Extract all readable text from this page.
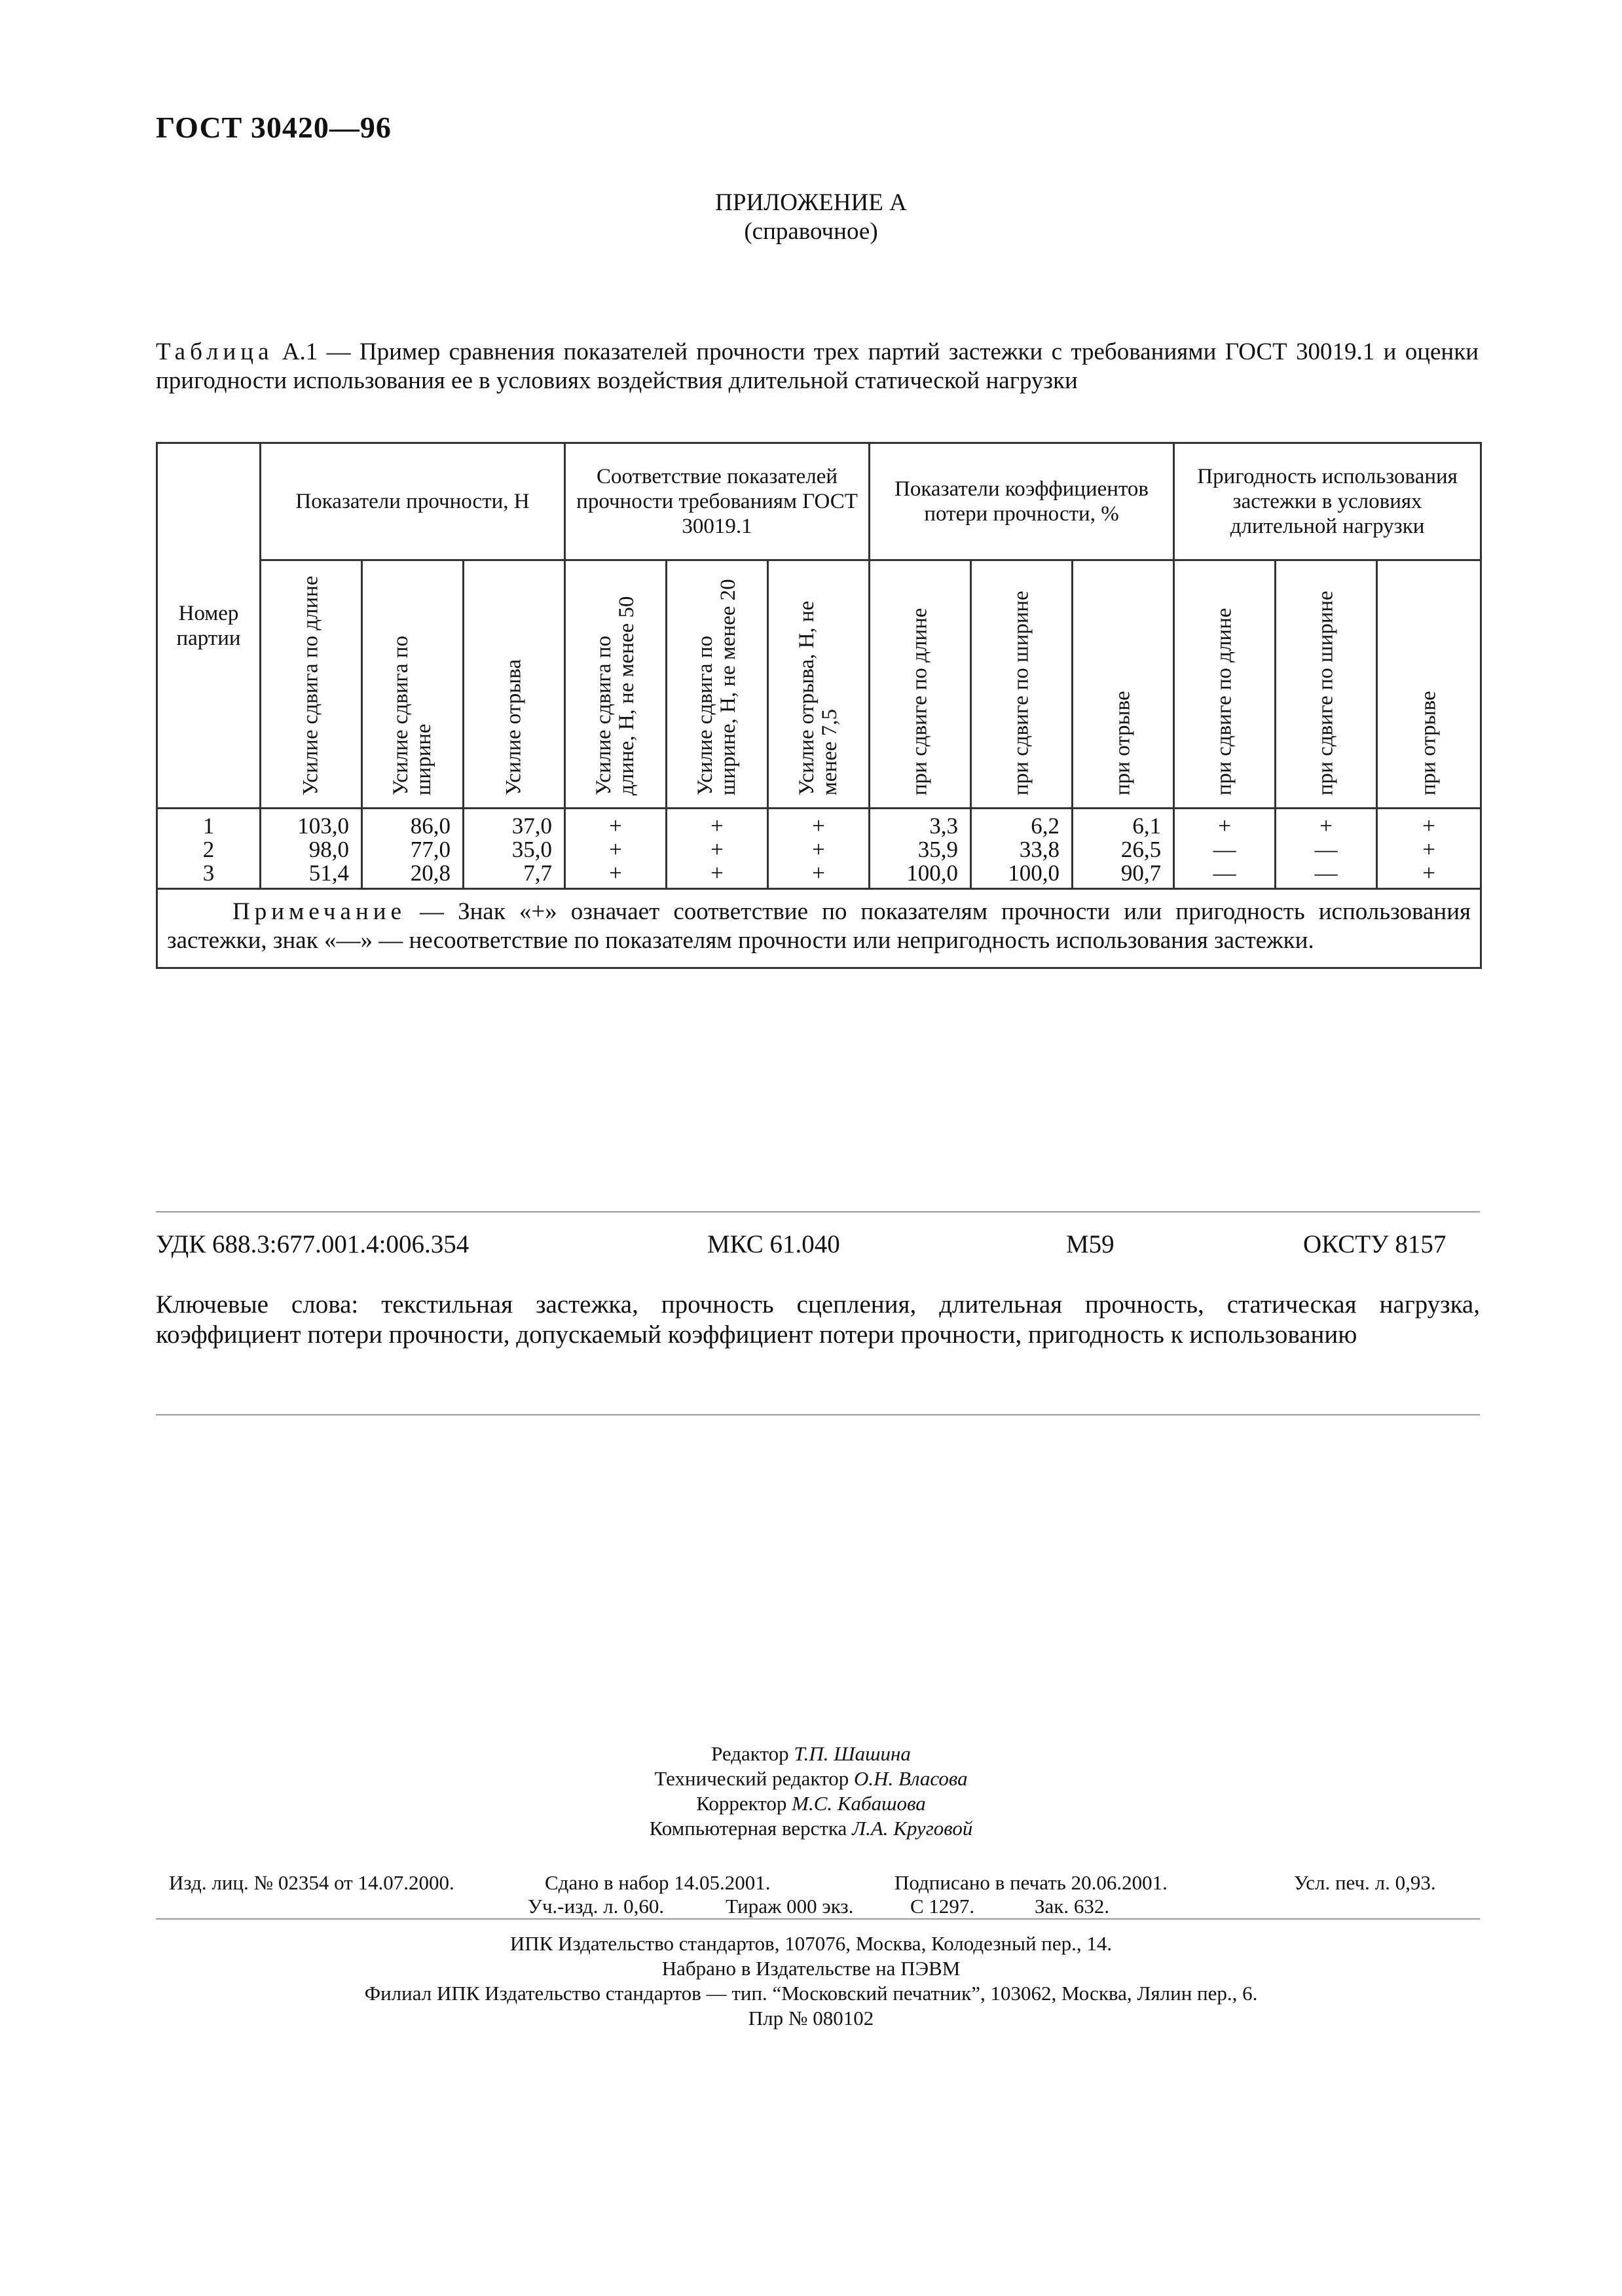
ГОСТ 30420—96
ПРИЛОЖЕНИЕ А
(справочное)
Таблица А.1 — Пример сравнения показателей прочности трех партий застежки с требованиями ГОСТ 30019.1 и оценки пригодности использования ее в условиях воздействия длительной статической нагрузки
Номер партии	Показатели прочности, Н			Соответствие показателей прочности требованиям ГОСТ 30019.1			Показатели коэффициентов потери прочности, %			Пригодность использования застежки в условиях длительной нагрузки		

	Усилие сдвига по длине	Усилие сдвига по ширине	Усилие отрыва	Усилие сдвига по длине, Н, не менее 50	Усилие сдвига по ширине, Н, не менее 20	Усилие отрыва, Н, не менее 7,5	при сдвиге по длине	при сдвиге по ширине	при отрыве	при сдвиге по длине	при сдвиге по ширине	при отрыве

1	103,0	86,0	37,0	+	+	+	3,3	6,2	6,1	+	+	+
2	98,0	77,0	35,0	+	+	+	35,9	33,8	26,5	—	—	+
3	51,4	20,8	7,7	+	+	+	100,0	100,0	90,7	—	—	+
Примечание — Знак «+» означает соответствие по показателям прочности или пригодность использования застежки, знак «—» — несоответствие по показателям прочности или непригодность использования застежки.												
УДК 688.3:677.001.4:006.354	МКС 61.040	М59	ОКСТУ 8157
Ключевые слова: текстильная застежка, прочность сцепления, длительная прочность, статическая нагрузка, коэффициент потери прочности, допускаемый коэффициент потери прочности, пригодность к использованию
Редактор Т.П. Шашина
Технический редактор О.Н. Власова
Корректор М.С. Кабашова
Компьютерная верстка Л.А. Круговой
Изд. лиц. № 02354 от 14.07.2000.	Сдано в набор 14.05.2001.	Подписано в печать 20.06.2001.	Усл. печ. л. 0,93.
Уч.-изд. л. 0,60.	Тираж 000 экз.	С 1297.	Зак. 632.
ИПК Издательство стандартов, 107076, Москва, Колодезный пер., 14.
Набрано в Издательстве на ПЭВМ
Филиал ИПК Издательство стандартов — тип. “Московский печатник”, 103062, Москва, Лялин пер., 6.
Плр № 080102
